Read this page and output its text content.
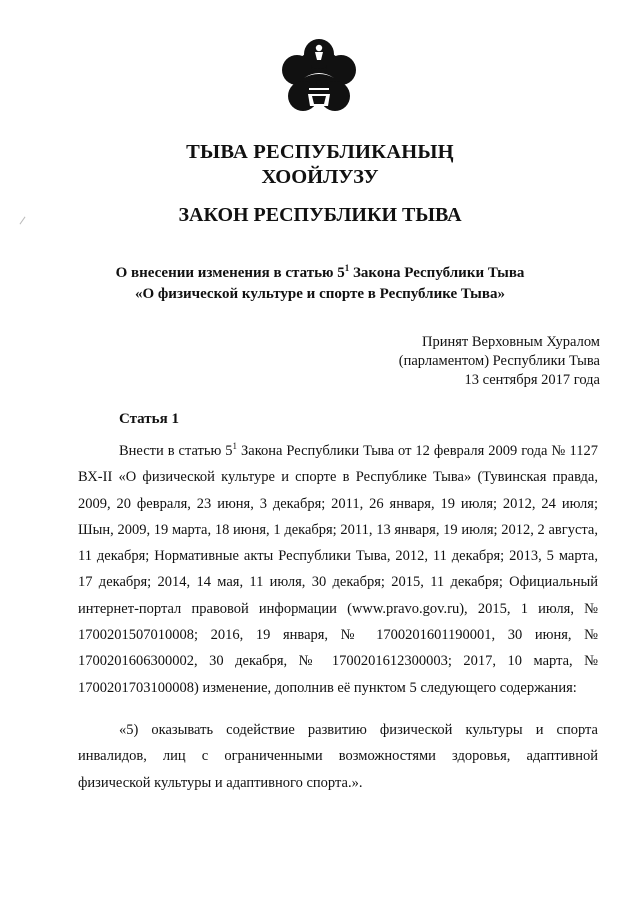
ТЫВА РЕСПУБЛИКАНЫҢ
ХООЙЛУЗУ
ЗАКОН РЕСПУБЛИКИ ТЫВА
О внесении изменения в статью $5^1$ Закона Республики Тыва
«О физической культуре и спорте в Республике Тыва»
Принят Верховным Хуралом
(парламентом) Республики Тыва
13 сентября 2017 года
Статья 1

Внести в статью $5^1$ Закона Республики Тыва от 12 февраля 2009 года № 1127 ВХ-II «О физической культуре и спорте в Республике Тыва» (Тувинская правда, 2009, 20 февраля, 23 июня, 3 декабря; 2011, 26 января, 19 июля; 2012, 24 июля; Шын, 2009, 19 марта, 18 июня, 1 декабря; 2011, 13 января, 19 июля; 2012, 2 августа, 11 декабря; Нормативные акты Республики Тыва, 2012, 11 декабря; 2013, 5 марта, 17 декабря; 2014, 14 мая, 11 июля, 30 декабря; 2015, 11 декабря; Официальный интернет-портал правовой информации (www.pravo.gov.ru), 2015, 1 июля, № 1700201507010008; 2016, 19 января, № 1700201601190001, 30 июня, № 1700201606300002, 30 декабря, № 1700201612300003; 2017, 10 марта, № 1700201703100008) изменение, дополнив её пунктом 5 следующего содержания:

«5) оказывать содействие развитию физической культуры и спорта инвалидов, лиц с ограниченными возможностями здоровья, адаптивной физической культуры и адаптивного спорта.».
